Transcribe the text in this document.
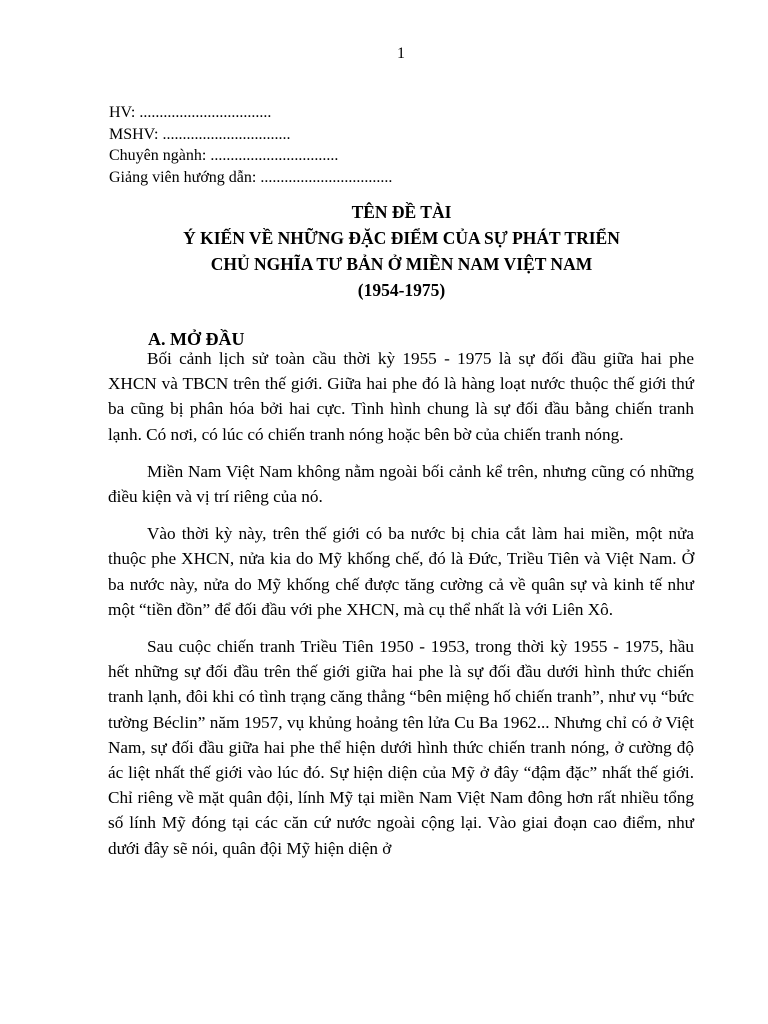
1
HV: .................................
MSHV: ................................
Chuyên ngành: ................................
Giảng viên hướng dẫn: .................................
TÊN ĐỀ TÀI
Ý KIẾN VỀ NHỮNG ĐẶC ĐIỂM CỦA SỰ PHÁT TRIỂN
CHỦ NGHĨA TƯ BẢN Ở MIỀN NAM VIỆT NAM
(1954-1975)
A. MỞ ĐẦU

Bối cảnh lịch sử toàn cầu thời kỳ 1955 - 1975 là sự đối đầu giữa hai phe XHCN và TBCN trên thế giới. Giữa hai phe đó là hàng loạt nước thuộc thế giới thứ ba cũng bị phân hóa bởi hai cực. Tình hình chung là sự đối đầu bằng chiến tranh lạnh. Có nơi, có lúc có chiến tranh nóng hoặc bên bờ của chiến tranh nóng.

Miền Nam Việt Nam không nằm ngoài bối cảnh kể trên, nhưng cũng có những điều kiện và vị trí riêng của nó.

Vào thời kỳ này, trên thế giới có ba nước bị chia cắt làm hai miền, một nửa thuộc phe XHCN, nửa kia do Mỹ khống chế, đó là Đức, Triều Tiên và Việt Nam. Ở ba nước này, nửa do Mỹ khống chế được tăng cường cả về quân sự và kinh tế như một “tiền đồn” để đối đầu với phe XHCN, mà cụ thể nhất là với Liên Xô.

Sau cuộc chiến tranh Triều Tiên 1950 - 1953, trong thời kỳ 1955 - 1975, hầu hết những sự đối đầu trên thế giới giữa hai phe là sự đối đầu dưới hình thức chiến tranh lạnh, đôi khi có tình trạng căng thẳng “bên miệng hố chiến tranh”, như vụ “bức tường Béclin” năm 1957, vụ khủng hoảng tên lửa Cu Ba 1962... Nhưng chỉ có ở Việt Nam, sự đối đầu giữa hai phe thể hiện dưới hình thức chiến tranh nóng, ở cường độ ác liệt nhất thế giới vào lúc đó. Sự hiện diện của Mỹ ở đây “đậm đặc” nhất thế giới. Chỉ riêng về mặt quân đội, lính Mỹ tại miền Nam Việt Nam đông hơn rất nhiều tổng số lính Mỹ đóng tại các căn cứ nước ngoài cộng lại. Vào giai đoạn cao điểm, như dưới đây sẽ nói, quân đội Mỹ hiện diện ở
